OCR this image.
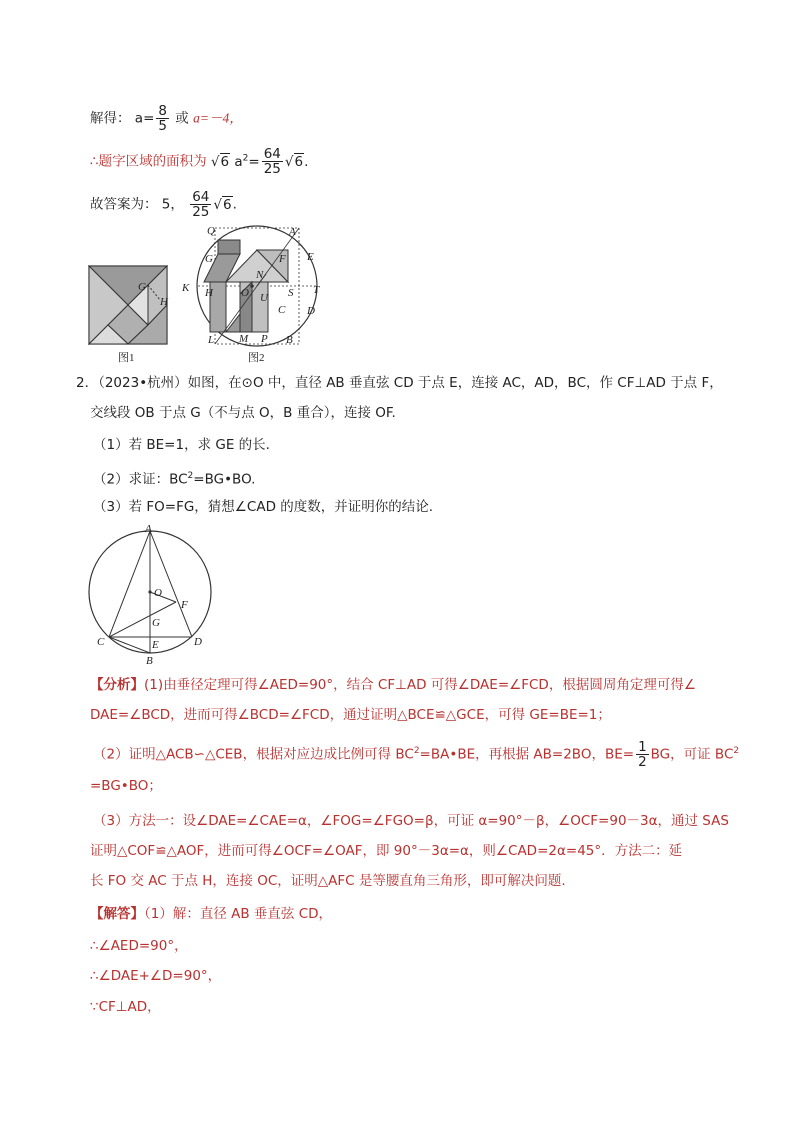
解得： $a= \frac{8}{5}$ 或 a=－4，
∴题字区域的面积为 √6 $a^2= \frac{64}{25} √6$.
故答案为： 5， $\frac{64}{25} √6$.
G
H
图1
Q	A
G	F E
N
K H	O U S T
C D
L M P B
图2
2．（2023•杭州）如图，在⊙O 中，直径 AB 垂直弦 CD 于点 E，连接 AC，AD，BC，作 CF⊥AD 于点 F，
交线段 OB 于点 G（不与点 O，B 重合），连接 OF.
（1）若 BE=1，求 GE 的长.
（2）求证：$BC^2=BG•BO$.
（3）若 FO=FG，猜想∠CAD 的度数，并证明你的结论.
A
O
F
G
C	E	D
B
【分析】(1)由垂径定理可得∠AED=90°，结合 CF⊥AD 可得∠DAE=∠FCD，根据圆周角定理可得∠
DAE=∠BCD，进而可得∠BCD=∠FCD，通过证明△BCE≌△GCE，可得 GE=BE=1；
（2）证明△ACB∽△CEB，根据对应边成比例可得 $BC^2=BA•BE$，再根据 AB=2BO，$BE= \frac{1}{2}$ BG，可证 $BC^2$
=BG•BO；
（3）方法一：设∠DAE=∠CAE=α，∠FOG=∠FGO=β，可证 α=90°－β，∠OCF=90－3α，通过 SAS
证明△COF≌△AOF，进而可得∠OCF=∠OAF，即 90°－3α=α，则∠CAD=2α=45°．方法二：延
长 FO 交 AC 于点 H，连接 OC，证明△AFC 是等腰直角三角形，即可解决问题.
【解答】（1）解：直径 AB 垂直弦 CD，
∴∠AED=90°，
∴∠DAE+∠D=90°，
∵CF⊥AD，
